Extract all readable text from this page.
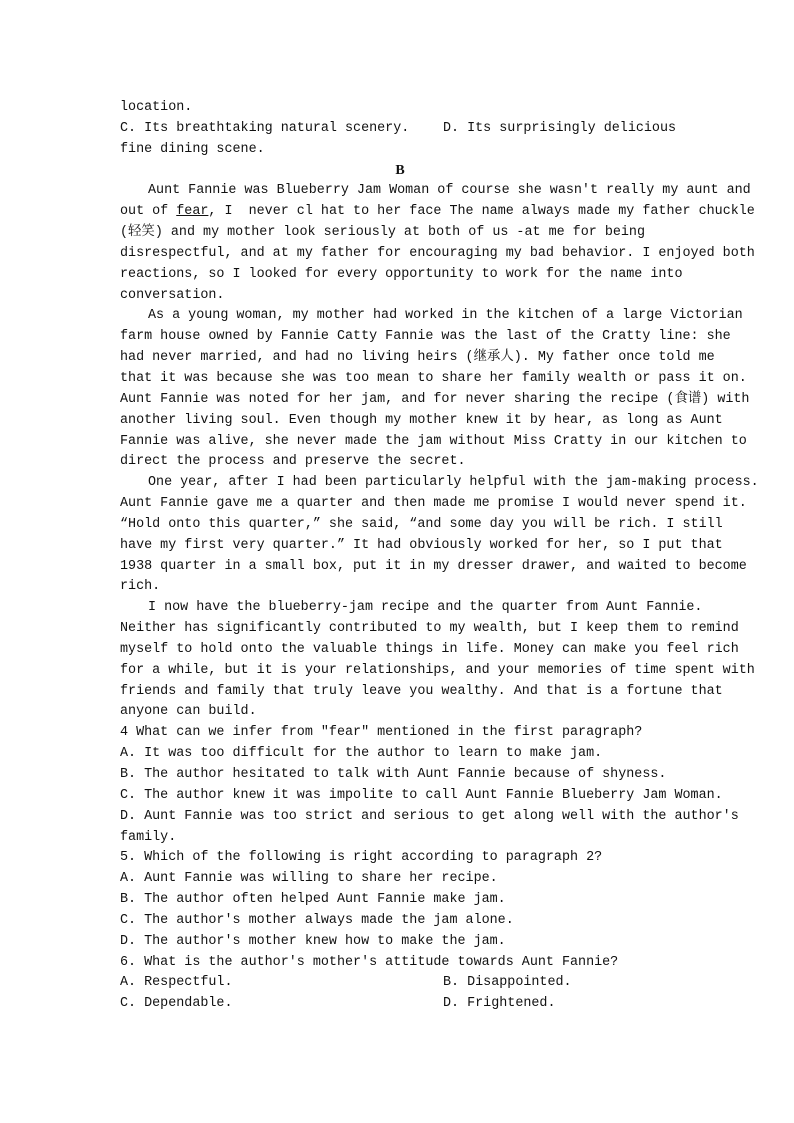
location.
C. Its breathtaking natural scenery.	D. Its surprisingly delicious
fine dining scene.
B
Aunt Fannie was Blueberry Jam Woman of course she wasn't really my aunt and
out of fear, I  never cl hat to her face The name always made my father chuckle
(轻笑) and my mother look seriously at both of us -at me for being
disrespectful, and at my father for encouraging my bad behavior. I enjoyed both
reactions, so I looked for every opportunity to work for the name into
conversation.
As a young woman, my mother had worked in the kitchen of a large Victorian
farm house owned by Fannie Catty Fannie was the last of the Cratty line: she
had never married, and had no living heirs (继承人). My father once told me
that it was because she was too mean to share her family wealth or pass it on.
Aunt Fannie was noted for her jam, and for never sharing the recipe (食谱) with
another living soul. Even though my mother knew it by hear, as long as Aunt
Fannie was alive, she never made the jam without Miss Cratty in our kitchen to
direct the process and preserve the secret.
One year, after I had been particularly helpful with the jam-making process.
Aunt Fannie gave me a quarter and then made me promise I would never spend it.
“Hold onto this quarter,” she said, “and some day you will be rich. I still
have my first very quarter.” It had obviously worked for her, so I put that
1938 quarter in a small box, put it in my dresser drawer, and waited to become
rich.
I now have the blueberry-jam recipe and the quarter from Aunt Fannie.
Neither has significantly contributed to my wealth, but I keep them to remind
myself to hold onto the valuable things in life. Money can make you feel rich
for a while, but it is your relationships, and your memories of time spent with
friends and family that truly leave you wealthy. And that is a fortune that
anyone can build.
4 What can we infer from "fear" mentioned in the first paragraph?
A. It was too difficult for the author to learn to make jam.
B. The author hesitated to talk with Aunt Fannie because of shyness.
C. The author knew it was impolite to call Aunt Fannie Blueberry Jam Woman.
D. Aunt Fannie was too strict and serious to get along well with the author's
family.
5. Which of the following is right according to paragraph 2?
A. Aunt Fannie was willing to share her recipe.
B. The author often helped Aunt Fannie make jam.
C. The author's mother always made the jam alone.
D. The author's mother knew how to make the jam.
6. What is the author's mother's attitude towards Aunt Fannie?
A. Respectful.	B. Disappointed.
C. Dependable.	D. Frightened.
